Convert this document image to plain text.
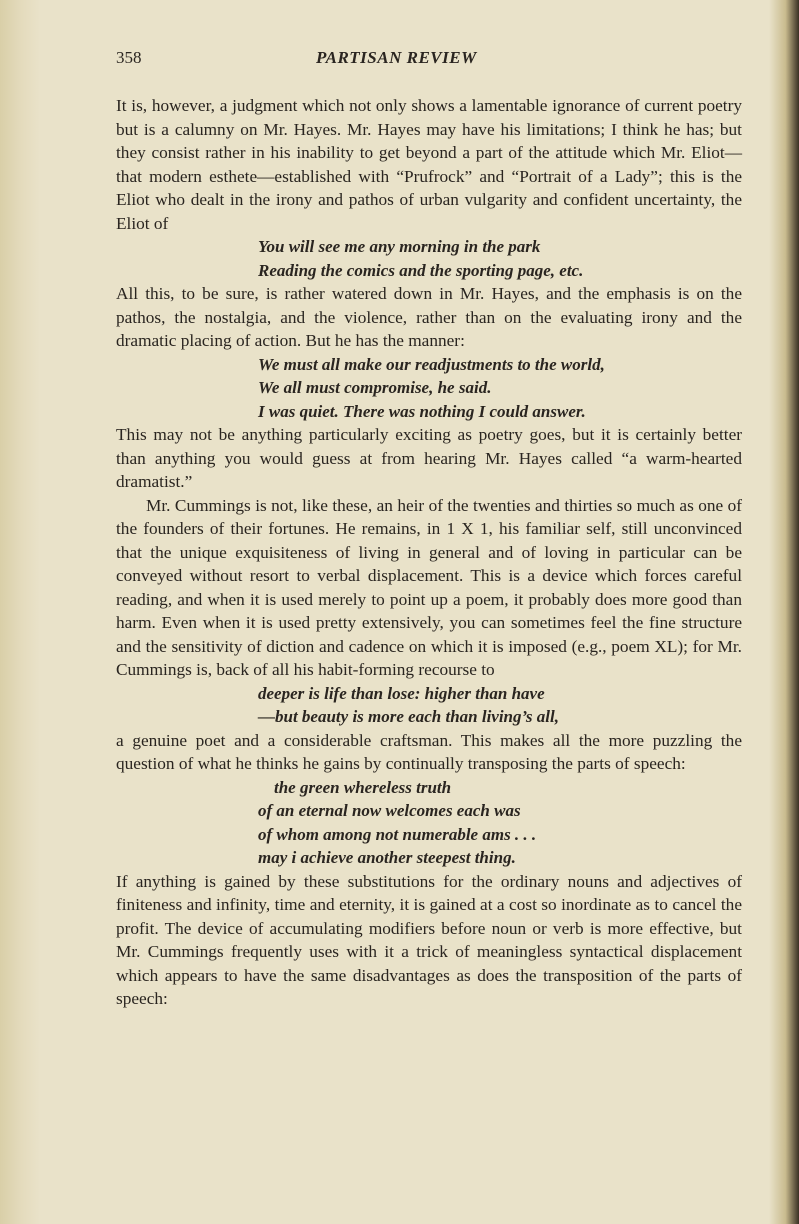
358	PARTISAN REVIEW

It is, however, a judgment which not only shows a lamentable ignorance of current poetry but is a calumny on Mr. Hayes. Mr. Hayes may have his limitations; I think he has; but they consist rather in his inability to get beyond a part of the attitude which Mr. Eliot—that modern esthete—established with “Prufrock” and “Portrait of a Lady”; this is the Eliot who dealt in the irony and pathos of urban vulgarity and confident uncertainty, the Eliot of

You will see me any morning in the park
Reading the comics and the sporting page, etc.

All this, to be sure, is rather watered down in Mr. Hayes, and the emphasis is on the pathos, the nostalgia, and the violence, rather than on the evaluating irony and the dramatic placing of action. But he has the manner:

We must all make our readjustments to the world,
We all must compromise, he said.
I was quiet. There was nothing I could answer.

This may not be anything particularly exciting as poetry goes, but it is certainly better than anything you would guess at from hearing Mr. Hayes called “a warm-hearted dramatist.”

Mr. Cummings is not, like these, an heir of the twenties and thirties so much as one of the founders of their fortunes. He remains, in 1 X 1, his familiar self, still unconvinced that the unique exquisiteness of living in general and of loving in particular can be conveyed without resort to verbal displacement. This is a device which forces careful reading, and when it is used merely to point up a poem, it probably does more good than harm. Even when it is used pretty extensively, you can sometimes feel the fine structure and the sensitivity of diction and cadence on which it is imposed (e.g., poem XL); for Mr. Cummings is, back of all his habit-forming recourse to

deeper is life than lose: higher than have
—but beauty is more each than living’s all,

a genuine poet and a considerable craftsman. This makes all the more puzzling the question of what he thinks he gains by continually transposing the parts of speech:

the green whereless truth
of an eternal now welcomes each was
of whom among not numerable ams . . .
may i achieve another steepest thing.

If anything is gained by these substitutions for the ordinary nouns and adjectives of finiteness and infinity, time and eternity, it is gained at a cost so inordinate as to cancel the profit. The device of accumulating modifiers before noun or verb is more effective, but Mr. Cummings frequently uses with it a trick of meaningless syntactical displacement which appears to have the same disadvantages as does the transposition of the parts of speech:
